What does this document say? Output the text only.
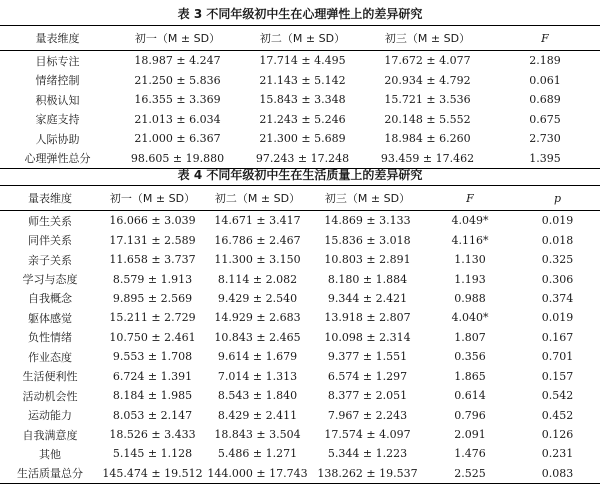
表 3 不同年级初中生在心理弹性上的差异研究
量表维度	初一（M ± SD）	初二（M ± SD）	初三（M ± SD）	F
目标专注	18.987 ± 4.247	17.714 ± 4.495	17.672 ± 4.077	2.189
情绪控制	21.250 ± 5.836	21.143 ± 5.142	20.934 ± 4.792	0.061
积极认知	16.355 ± 3.369	15.843 ± 3.348	15.721 ± 3.536	0.689
家庭支持	21.013 ± 6.034	21.243 ± 5.246	20.148 ± 5.552	0.675
人际协助	21.000 ± 6.367	21.300 ± 5.689	18.984 ± 6.260	2.730
心理弹性总分	98.605 ± 19.880	97.243 ± 17.248	93.459 ± 17.462	1.395
表 4 不同年级初中生在生活质量上的差异研究
量表维度	初一（M ± SD）	初二（M ± SD）	初三（M ± SD）	F	p
师生关系	16.066 ± 3.039	14.671 ± 3.417	14.869 ± 3.133	4.049*	0.019
同伴关系	17.131 ± 2.589	16.786 ± 2.467	15.836 ± 3.018	4.116*	0.018
亲子关系	11.658 ± 3.737	11.300 ± 3.150	10.803 ± 2.891	1.130	0.325
学习与态度	8.579 ± 1.913	8.114 ± 2.082	8.180 ± 1.884	1.193	0.306
自我概念	9.895 ± 2.569	9.429 ± 2.540	9.344 ± 2.421	0.988	0.374
躯体感觉	15.211 ± 2.729	14.929 ± 2.683	13.918 ± 2.807	4.040*	0.019
负性情绪	10.750 ± 2.461	10.843 ± 2.465	10.098 ± 2.314	1.807	0.167
作业态度	9.553 ± 1.708	9.614 ± 1.679	9.377 ± 1.551	0.356	0.701
生活便利性	6.724 ± 1.391	7.014 ± 1.313	6.574 ± 1.297	1.865	0.157
活动机会性	8.184 ± 1.985	8.543 ± 1.840	8.377 ± 2.051	0.614	0.542
运动能力	8.053 ± 2.147	8.429 ± 2.411	7.967 ± 2.243	0.796	0.452
自我满意度	18.526 ± 3.433	18.843 ± 3.504	17.574 ± 4.097	2.091	0.126
其他	5.145 ± 1.128	5.486 ± 1.271	5.344 ± 1.223	1.476	0.231
生活质量总分	145.474 ± 19.512	144.000 ± 17.743	138.262 ± 19.537	2.525	0.083
